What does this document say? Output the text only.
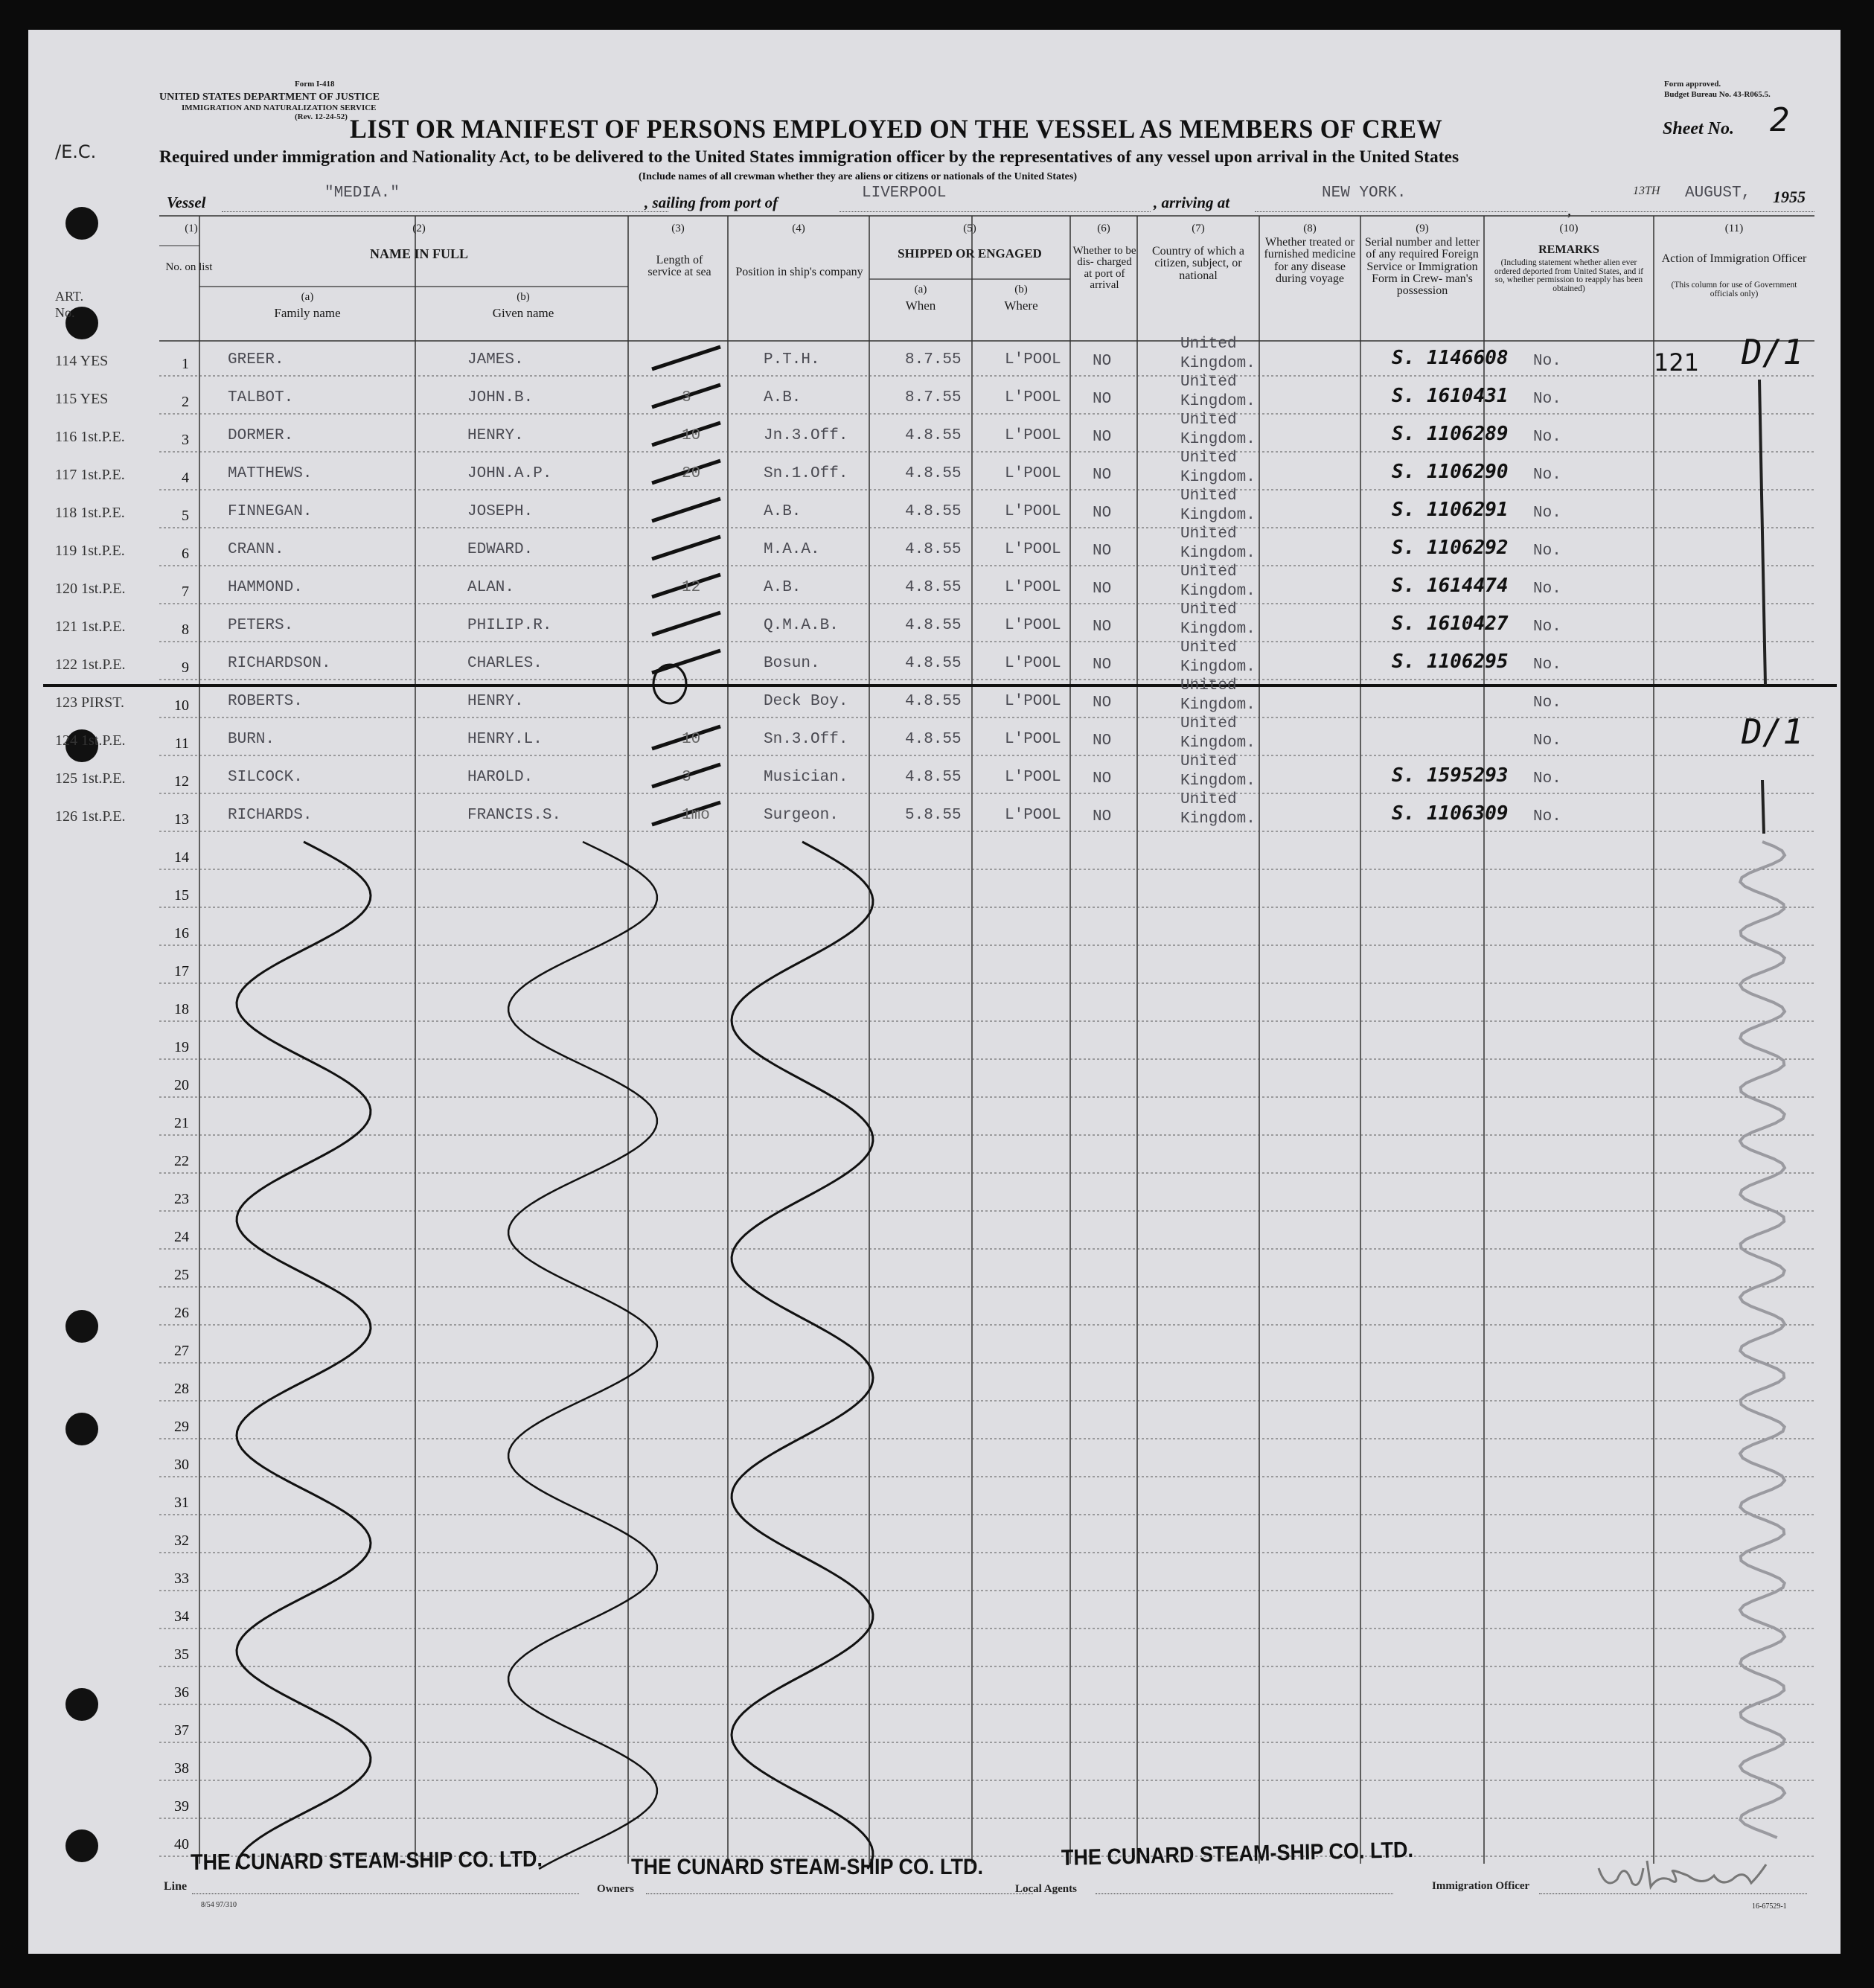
UNITED STATES DEPARTMENT OF JUSTICE
IMMIGRATION AND NATURALIZATION SERVICE
Form I-418
(Rev. 12-24-52)
Form approved.
Budget Bureau No. 43-R065.5.
LIST OR MANIFEST OF PERSONS EMPLOYED ON THE VESSEL AS MEMBERS OF CREW	Sheet No. 2
Required under immigration and Nationality Act, to be delivered to the United States immigration officer by the representatives of any vessel upon arrival in the United States
(Include names of all crewman whether they are aliens or citizens or nationals of the United States)
Vessel
"MEDIA."
, sailing from port of
LIVERPOOL
, arriving at
NEW YORK.
,
13TH AUGUST, 1955
/E.C.
ART. No.
(1)
No. on list
(2)
NAME IN FULL
(a)
Family name
(b)
Given name
(3)
Length of service at sea
(4)
Position in ship's company
(5)
SHIPPED OR ENGAGED
(a)
When
(b)
Where
(6)
Whether to be dis- charged at port of arrival
(7)
Country of which a citizen, subject, or national
(8)
Whether treated or furnished medicine for any disease during voyage
(9)
Serial number and letter of any required Foreign Service or Immigration Form in Crew- man's possession
(10)
REMARKS
(Including statement whether alien ever ordered deported from United States, and if so, whether permission to reapply has been obtained)
(11)
Action of Immigration Officer
(This column for use of Government officials only)
114 YES	1 GREER.	JAMES.	P.T.H.	8.7.55	L'POOL NO
United
Kingdom.	S. 1146608 No.	121 D/1
115 YES	2 TALBOT.	JOHN.B.	3	A.B.	8.7.55	L'POOL NO
United
Kingdom.	S. 1610431 No.
116 1st.P.E.	3 DORMER.	HENRY.	10	Jn.3.Off.	4.8.55	L'POOL NO
United
Kingdom.	S. 1106289 No.
117 1st.P.E.	4 MATTHEWS.	JOHN.A.P.	20	Sn.1.Off.	4.8.55	L'POOL NO
United
Kingdom.	S. 1106290 No.
118 1st.P.E.	5 FINNEGAN.	JOSEPH.	A.B.	4.8.55	L'POOL NO
United
Kingdom.	S. 1106291 No.
119 1st.P.E.	6 CRANN.	EDWARD.	M.A.A.	4.8.55	L'POOL NO
United
Kingdom.	S. 1106292 No.
120 1st.P.E.	7 HAMMOND.	ALAN.	12	A.B.	4.8.55	L'POOL NO
United
Kingdom.	S. 1614474 No.
121 1st.P.E.	8 PETERS.	PHILIP.R.	Q.M.A.B.	4.8.55	L'POOL NO
United
Kingdom.	S. 1610427 No.
122 1st.P.E.	9 RICHARDSON.	CHARLES.	Bosun.	4.8.55	L'POOL NO
United
Kingdom.	S. 1106295 No.
123 PIRST.	10 ROBERTS.	HENRY.	Deck Boy.	4.8.55	L'POOL NO
United
Kingdom.	No.
124 1st.P.E.	11 BURN.	HENRY.L.	10	Sn.3.Off.	4.8.55	L'POOL NO
United
Kingdom.	No.	D/1
125 1st.P.E.	12 SILCOCK.	HAROLD.	3	Musician.	4.8.55	L'POOL NO
United
Kingdom.	S. 1595293 No.
126 1st.P.E.	13 RICHARDS.	FRANCIS.S.	1mo	Surgeon.	5.8.55	L'POOL NO
United
Kingdom.	S. 1106309 No.
14
15
16
17
18
19
20
21
22
23
24
25
26
27
28
29
30
31
32
33
34
35
36
37
38
39
40
THE CUNARD STEAM-SHIP CO. LTD.	THE CUNARD STEAM-SHIP CO. LTD.	THE CUNARD STEAM-SHIP CO. LTD.
Line	Owners	Local Agents	Immigration Officer
8/54 97/310	16-67529-1
